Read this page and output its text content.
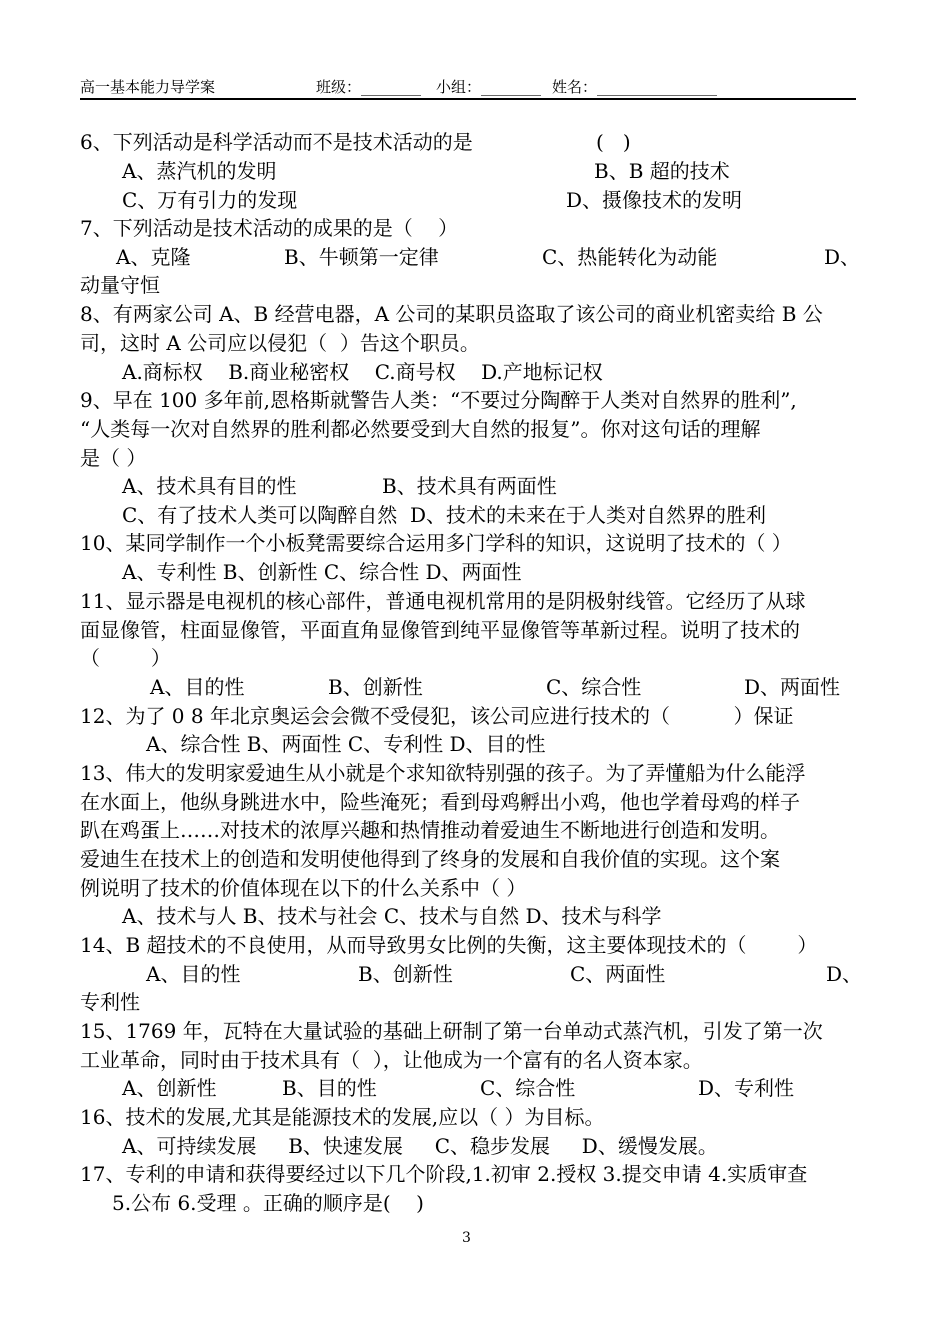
高一基本能力导学案	班级：________ 小组：________ 姓名：________________
6、下列活动是科学活动而不是技术活动的是	(   )
A、蒸汽机的发明	B、B 超的技术
C、万有引力的发现	D、摄像技术的发明
7、下列活动是技术活动的成果的是（    ）
A、克隆	B、牛顿第一定律	C、热能转化为动能	D、
动量守恒
8、有两家公司 A、B 经营电器，A 公司的某职员盗取了该公司的商业机密卖给 B 公
司，这时 A 公司应以侵犯（  ）告这个职员。
A.商标权    B.商业秘密权    C.商号权    D.产地标记权
9、早在 100 多年前,恩格斯就警告人类：“不要过分陶醉于人类对自然界的胜利”,
“人类每一次对自然界的胜利都必然要受到大自然的报复”。你对这句话的理解
是（ ）
A、技术具有目的性	B、技术具有两面性
C、有了技术人类可以陶醉自然  D、技术的未来在于人类对自然界的胜利
10、某同学制作一个小板凳需要综合运用多门学科的知识，这说明了技术的（ ）
A、专利性 B、创新性 C、综合性 D、两面性
11、显示器是电视机的核心部件，普通电视机常用的是阴极射线管。它经历了从球
面显像管，柱面显像管，平面直角显像管到纯平显像管等革新过程。说明了技术的
（        ）
A、目的性	B、创新性	C、综合性	D、两面性
12、为了 0 8 年北京奥运会会微不受侵犯，该公司应进行技术的（          ）保证
A、综合性 B、两面性 C、专利性 D、目的性
13、伟大的发明家爱迪生从小就是个求知欲特别强的孩子。为了弄懂船为什么能浮
在水面上，他纵身跳进水中，险些淹死；看到母鸡孵出小鸡，他也学着母鸡的样子
趴在鸡蛋上……对技术的浓厚兴趣和热情推动着爱迪生不断地进行创造和发明。
爱迪生在技术上的创造和发明使他得到了终身的发展和自我价值的实现。这个案
例说明了技术的价值体现在以下的什么关系中（ ）
A、技术与人 B、技术与社会 C、技术与自然 D、技术与科学
14、B 超技术的不良使用，从而导致男女比例的失衡，这主要体现技术的（        ）
A、目的性	B、创新性	C、两面性	D、
专利性
15、1769 年，瓦特在大量试验的基础上研制了第一台单动式蒸汽机，引发了第一次
工业革命，同时由于技术具有（  ），让他成为一个富有的名人资本家。
A、创新性	B、目的性	C、综合性	D、专利性
16、技术的发展,尤其是能源技术的发展,应以（ ）为目标。
A、可持续发展     B、快速发展     C、稳步发展     D、缓慢发展。
17、专利的申请和获得要经过以下几个阶段,1.初审 2.授权 3.提交申请 4.实质审查
5.公布 6.受理 。正确的顺序是(    )
3
